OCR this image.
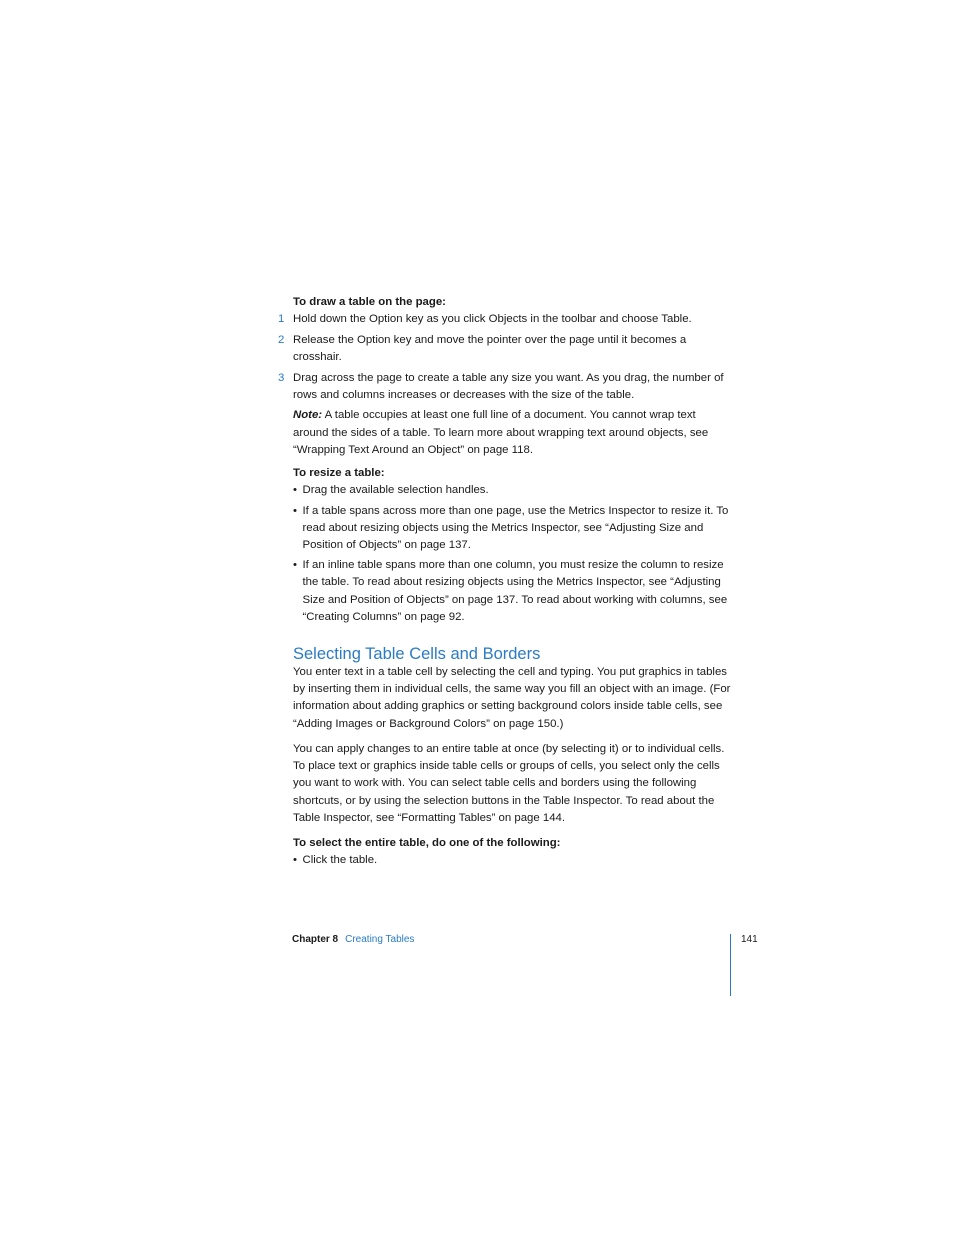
To draw a table on the page:

1 Hold down the Option key as you click Objects in the toolbar and choose Table.
2 Release the Option key and move the pointer over the page until it becomes a crosshair.
3 Drag across the page to create a table any size you want. As you drag, the number of rows and columns increases or decreases with the size of the table.

Note: A table occupies at least one full line of a document. You cannot wrap text around the sides of a table. To learn more about wrapping text around objects, see “Wrapping Text Around an Object” on page 118.

To resize a table:

• Drag the available selection handles.
• If a table spans across more than one page, use the Metrics Inspector to resize it. To read about resizing objects using the Metrics Inspector, see “Adjusting Size and Position of Objects” on page 137.
• If an inline table spans more than one column, you must resize the column to resize the table. To read about resizing objects using the Metrics Inspector, see “Adjusting Size and Position of Objects” on page 137. To read about working with columns, see “Creating Columns” on page 92.
Selecting Table Cells and Borders

You enter text in a table cell by selecting the cell and typing. You put graphics in tables by inserting them in individual cells, the same way you fill an object with an image. (For information about adding graphics or setting background colors inside table cells, see “Adding Images or Background Colors” on page 150.)

You can apply changes to an entire table at once (by selecting it) or to individual cells. To place text or graphics inside table cells or groups of cells, you select only the cells you want to work with. You can select table cells and borders using the following shortcuts, or by using the selection buttons in the Table Inspector. To read about the Table Inspector, see “Formatting Tables” on page 144.

To select the entire table, do one of the following:

• Click the table.
Chapter 8 Creating Tables	141
